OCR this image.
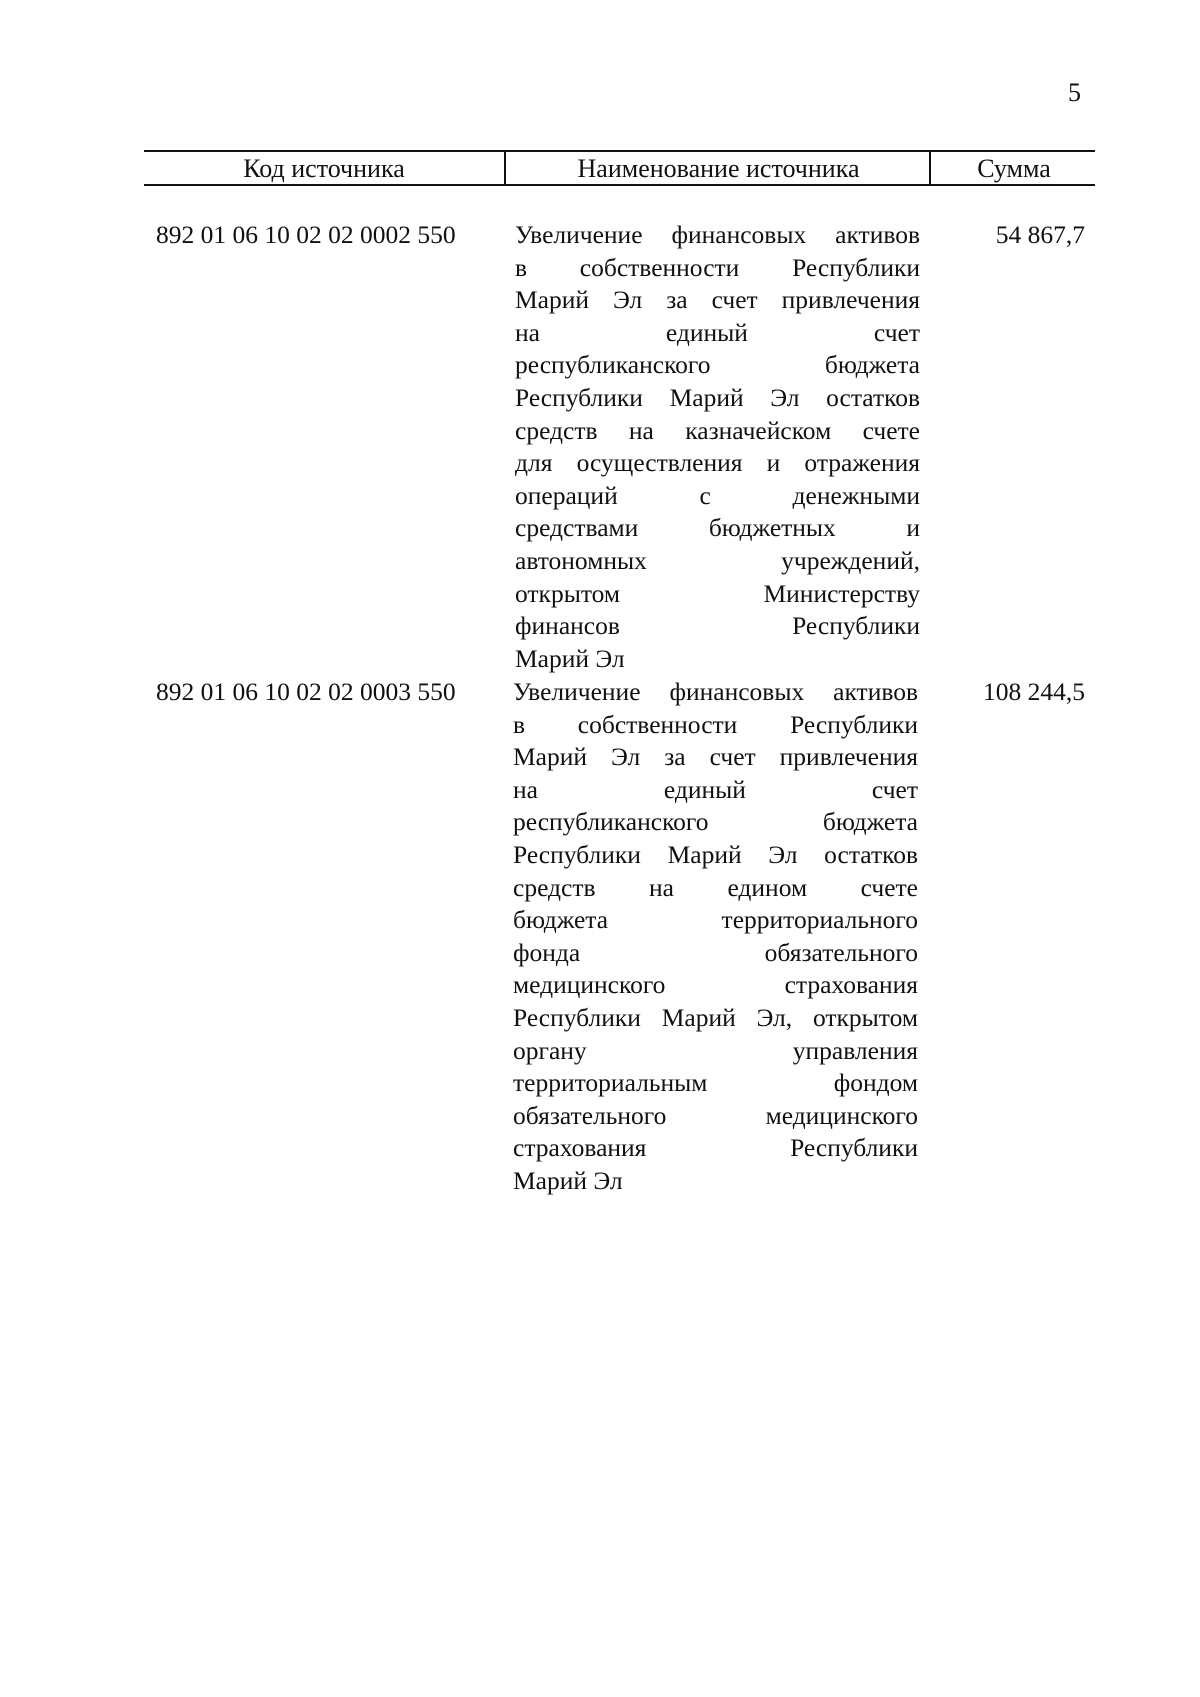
5
Код источника	Наименование источника	Сумма
892 01 06 10 02 02 0002 550 Увеличение финансовых активов
в собственности Республики
Марий Эл за счет привлечения
на единый счет
республиканского бюджета
Республики Марий Эл остатков
средств на казначейском счете
для осуществления и отражения
операций с денежными
средствами бюджетных и
автономных учреждений,
открытом Министерству
финансов Республики
Марий Эл
54 867,7
892 01 06 10 02 02 0003 550 Увеличение финансовых активов
в собственности Республики
Марий Эл за счет привлечения
на единый счет
республиканского бюджета
Республики Марий Эл остатков
средств на едином счете
бюджета территориального
фонда обязательного
медицинского страхования
Республики Марий Эл, открытом
органу управления
территориальным фондом
обязательного медицинского
страхования Республики
Марий Эл
108 244,5
